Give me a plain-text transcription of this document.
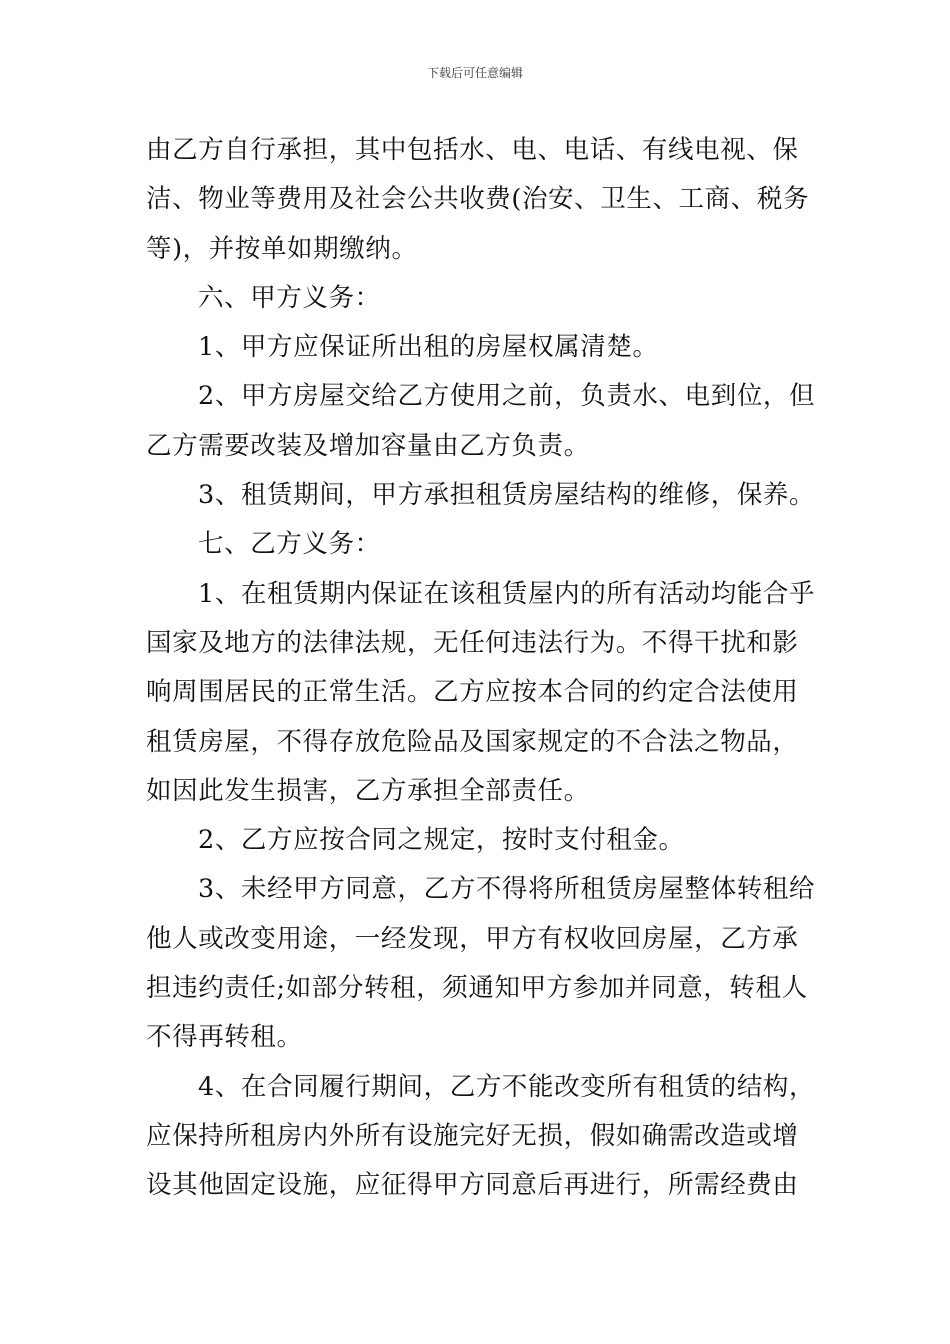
下载后可任意编辑
由乙方自行承担，其中包括水、电、电话、有线电视、保
洁、物业等费用及社会公共收费(治安、卫生、工商、税务
等)，并按单如期缴纳。
六、甲方义务：
1、甲方应保证所出租的房屋权属清楚。
2、甲方房屋交给乙方使用之前，负责水、电到位，但
乙方需要改装及增加容量由乙方负责。
3、租赁期间，甲方承担租赁房屋结构的维修，保养。
七、乙方义务：
1、在租赁期内保证在该租赁屋内的所有活动均能合乎
国家及地方的法律法规，无任何违法行为。不得干扰和影
响周围居民的正常生活。乙方应按本合同的约定合法使用
租赁房屋，不得存放危险品及国家规定的不合法之物品，
如因此发生损害，乙方承担全部责任。
2、乙方应按合同之规定，按时支付租金。
3、未经甲方同意，乙方不得将所租赁房屋整体转租给
他人或改变用途，一经发现，甲方有权收回房屋，乙方承
担违约责任;如部分转租，须通知甲方参加并同意，转租人
不得再转租。
4、在合同履行期间，乙方不能改变所有租赁的结构，
应保持所租房内外所有设施完好无损，假如确需改造或增
设其他固定设施，应征得甲方同意后再进行，所需经费由
